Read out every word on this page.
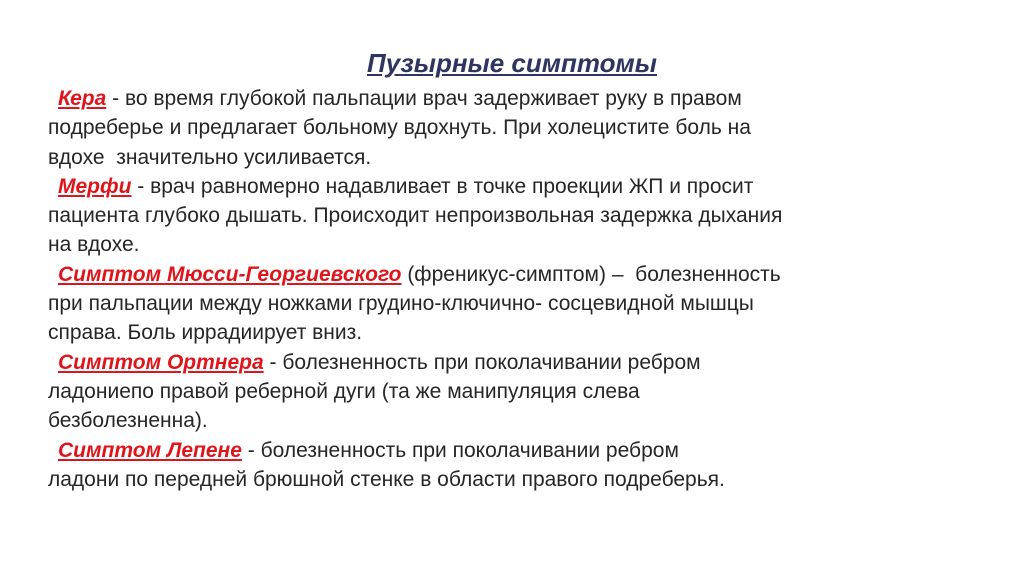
Пузырные симптомы

Кера - во время глубокой пальпации врач задерживает руку в правом
подреберье и предлагает больному вдохнуть. При холецистите боль на
вдохе  значительно усиливается.

Мерфи - врач равномерно надавливает в точке проекции ЖП и просит
пациента глубоко дышать. Происходит непроизвольная задержка дыхания
на вдохе.

Симптом Мюсси-Георгиевского (френикус-симптом) –  болезненность
при пальпации между ножками грудино-ключично- сосцевидной мышцы
справа. Боль иррадиирует вниз.

Симптом Ортнера - болезненность при поколачивании ребром
ладониепо правой реберной дуги (та же манипуляция слева
безболезненна).

Симптом Лепене - болезненность при поколачивании ребром
ладони по передней брюшной стенке в области правого подреберья.
